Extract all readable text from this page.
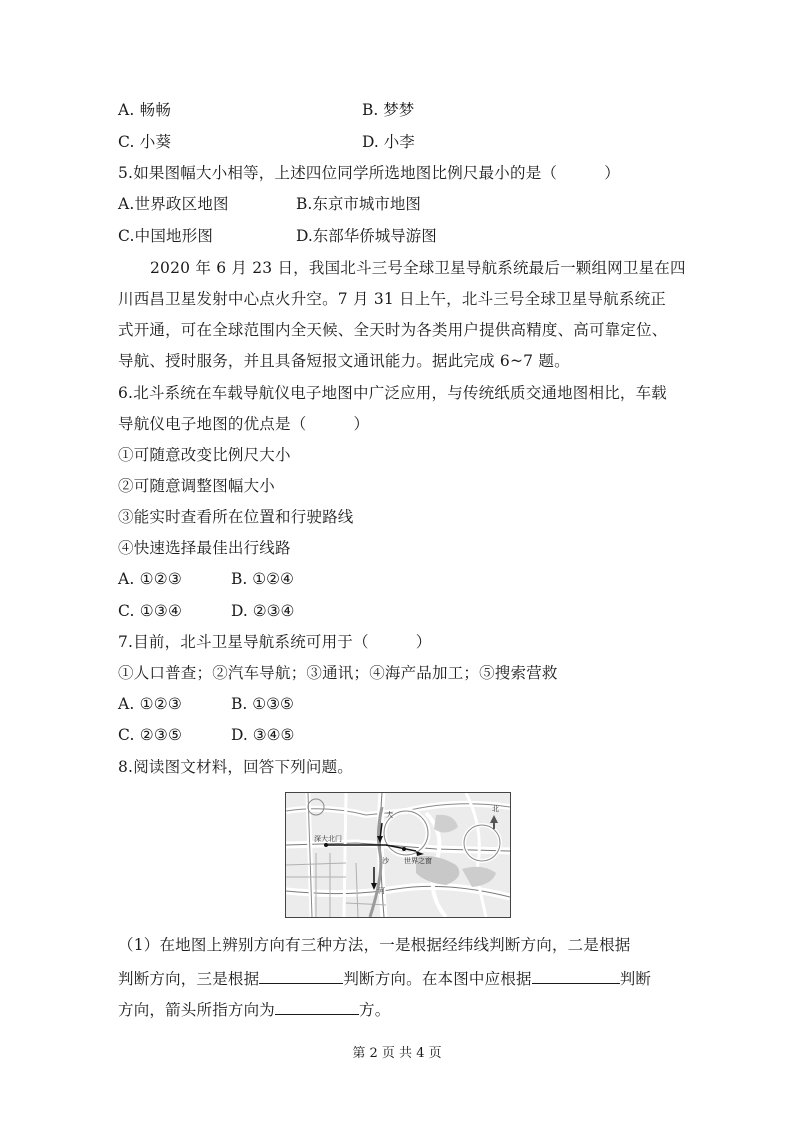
A. 畅畅	B. 梦梦
C. 小葵	D. 小李
5.如果图幅大小相等，上述四位同学所选地图比例尺最小的是（　　　）
A.世界政区地图	B.东京市城市地图
C.中国地形图	D.东部华侨城导游图
2020 年 6 月 23 日，我国北斗三号全球卫星导航系统最后一颗组网卫星在四
川西昌卫星发射中心点火升空。7 月 31 日上午，北斗三号全球卫星导航系统正
式开通，可在全球范围内全天候、全天时为各类用户提供高精度、高可靠定位、
导航、授时服务，并且具备短报文通讯能力。据此完成 6~7 题。
6.北斗系统在车载导航仪电子地图中广泛应用，与传统纸质交通地图相比，车载
导航仪电子地图的优点是（　　　）
①可随意改变比例尺大小
②可随意调整图幅大小
③能实时查看所在位置和行驶路线
④快速选择最佳出行线路
A. ①②③	B. ①②④
C. ①③④	D. ②③④
7.目前，北斗卫星导航系统可用于（　　　）
①人口普查；②汽车导航；③通讯；④海产品加工；⑤搜索营救
A. ①②③	B. ①③⑤
C. ②③⑤	D. ③④⑤
8.阅读图文材料，回答下列问题。
北
深大北门
世界之窗
大
沙
河
（1）在地图上辨别方向有三种方法，一是根据经纬线判断方向，二是根据
判断方向，三是根据	判断方向。在本图中应根据	判断
方向，箭头所指方向为	方。
第 2 页 共 4 页
